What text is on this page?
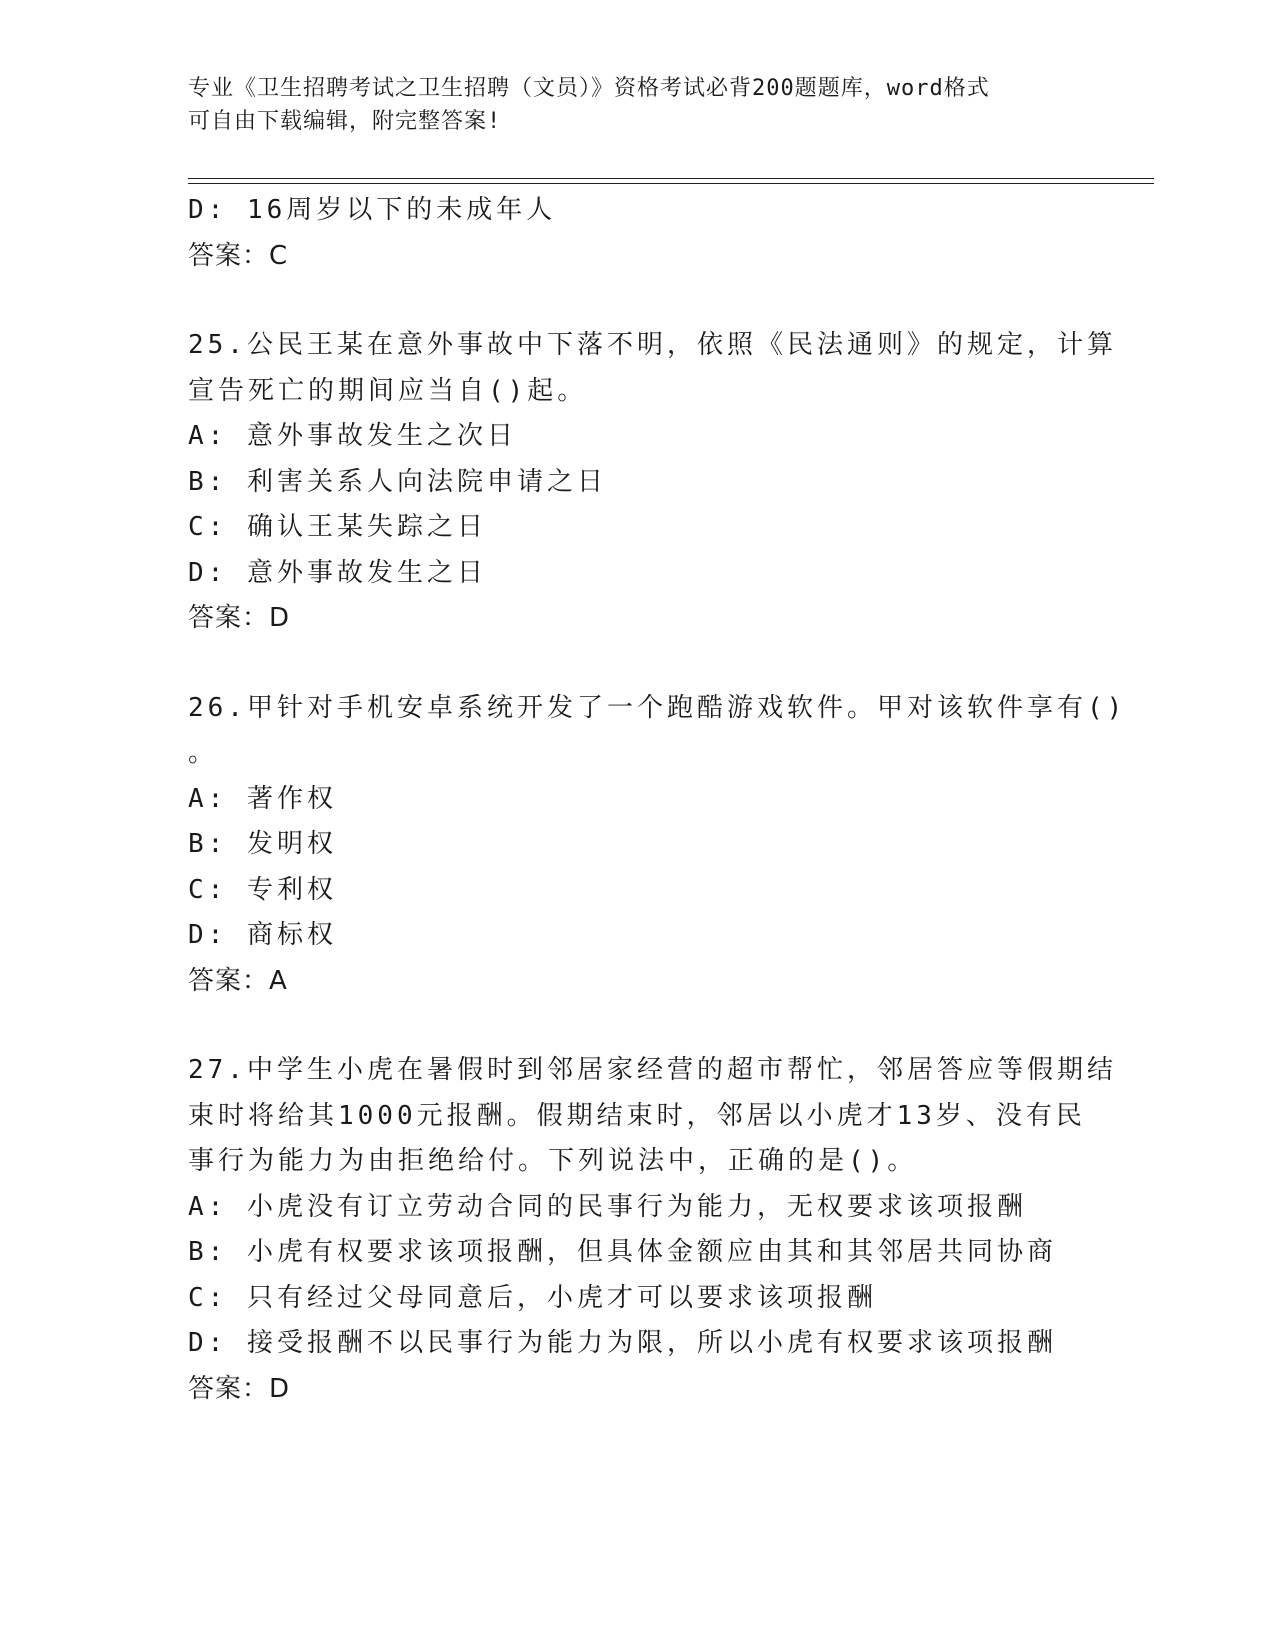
专业《卫生招聘考试之卫生招聘（文员）》资格考试必背200题题库，word格式
可自由下载编辑，附完整答案!
D: 16周岁以下的未成年人
答案：C
25.公民王某在意外事故中下落不明，依照《民法通则》的规定，计算
宣告死亡的期间应当自()起。
A: 意外事故发生之次日
B: 利害关系人向法院申请之日
C: 确认王某失踪之日
D: 意外事故发生之日
答案：D
26.甲针对手机安卓系统开发了一个跑酷游戏软件。甲对该软件享有()
。
A: 著作权
B: 发明权
C: 专利权
D: 商标权
答案：A
27.中学生小虎在暑假时到邻居家经营的超市帮忙，邻居答应等假期结
束时将给其1000元报酬。假期结束时，邻居以小虎才13岁、没有民
事行为能力为由拒绝给付。下列说法中，正确的是()。
A: 小虎没有订立劳动合同的民事行为能力，无权要求该项报酬
B: 小虎有权要求该项报酬，但具体金额应由其和其邻居共同协商
C: 只有经过父母同意后，小虎才可以要求该项报酬
D: 接受报酬不以民事行为能力为限，所以小虎有权要求该项报酬
答案：D
